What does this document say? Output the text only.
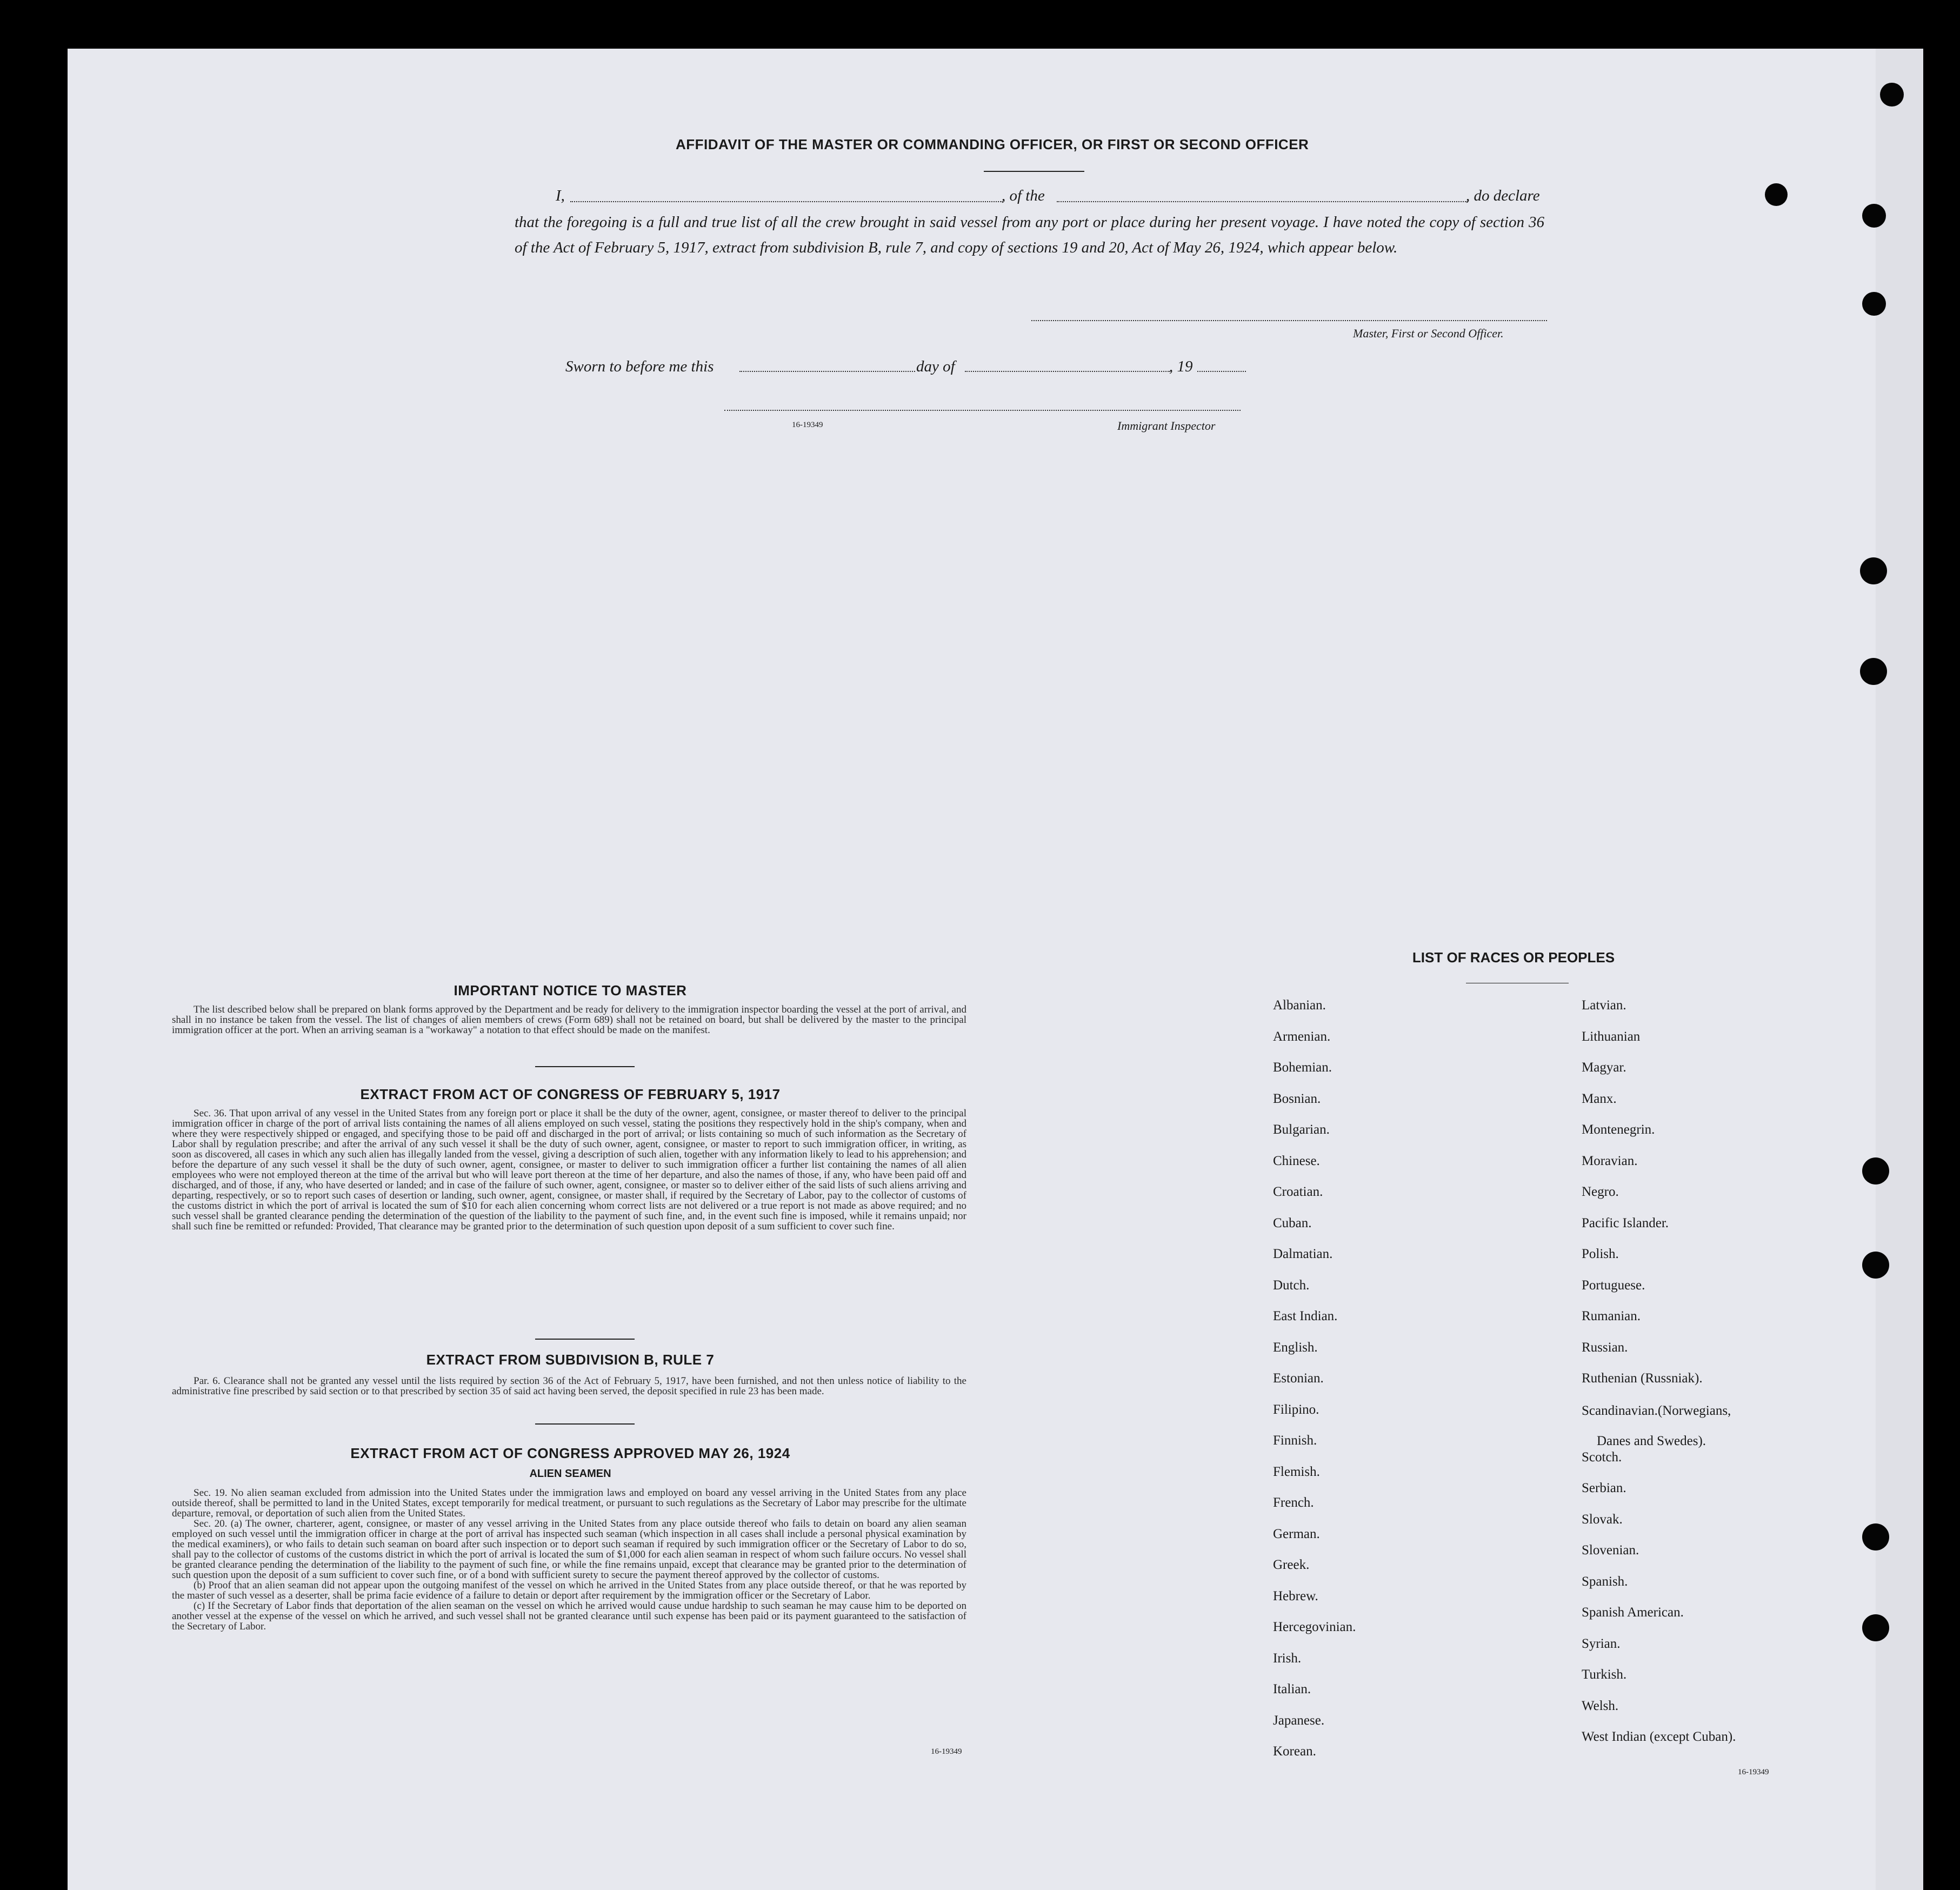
AFFIDAVIT OF THE MASTER OR COMMANDING OFFICER, OR FIRST OR SECOND OFFICER
I,	, of the	, do declare
that the foregoing is a full and true list of all the crew brought in said vessel from any port or place during her present voyage. I have noted the copy of section 36 of the Act of February 5, 1917, extract from subdivision B, rule 7, and copy of sections 19 and 20, Act of May 26, 1924, which appear below.
Master, First or Second Officer.
Sworn to before me this	day of	, 19
16-19349	Immigrant Inspector
IMPORTANT NOTICE TO MASTER
The list described below shall be prepared on blank forms approved by the Department and be ready for delivery to the immigration inspector boarding the vessel at the port of arrival, and shall in no instance be taken from the vessel. The list of changes of alien members of crews (Form 689) shall not be retained on board, but shall be delivered by the master to the principal immigration officer at the port. When an arriving seaman is a "workaway" a notation to that effect should be made on the manifest.
EXTRACT FROM ACT OF CONGRESS OF FEBRUARY 5, 1917
Sec. 36. That upon arrival of any vessel in the United States from any foreign port or place it shall be the duty of the owner, agent, consignee, or master thereof to deliver to the principal immigration officer in charge of the port of arrival lists containing the names of all aliens employed on such vessel, stating the positions they respectively hold in the ship's company, when and where they were respectively shipped or engaged, and specifying those to be paid off and discharged in the port of arrival; or lists containing so much of such information as the Secretary of Labor shall by regulation prescribe; and after the arrival of any such vessel it shall be the duty of such owner, agent, consignee, or master to report to such immigration officer, in writing, as soon as discovered, all cases in which any such alien has illegally landed from the vessel, giving a description of such alien, together with any information likely to lead to his apprehension; and before the departure of any such vessel it shall be the duty of such owner, agent, consignee, or master to deliver to such immigration officer a further list containing the names of all alien employees who were not employed thereon at the time of the arrival but who will leave port thereon at the time of her departure, and also the names of those, if any, who have been paid off and discharged, and of those, if any, who have deserted or landed; and in case of the failure of such owner, agent, consignee, or master so to deliver either of the said lists of such aliens arriving and departing, respectively, or so to report such cases of desertion or landing, such owner, agent, consignee, or master shall, if required by the Secretary of Labor, pay to the collector of customs of the customs district in which the port of arrival is located the sum of $10 for each alien concerning whom correct lists are not delivered or a true report is not made as above required; and no such vessel shall be granted clearance pending the determination of the question of the liability to the payment of such fine, and, in the event such fine is imposed, while it remains unpaid; nor shall such fine be remitted or refunded: Provided, That clearance may be granted prior to the determination of such question upon deposit of a sum sufficient to cover such fine.
EXTRACT FROM SUBDIVISION B, RULE 7
Par. 6. Clearance shall not be granted any vessel until the lists required by section 36 of the Act of February 5, 1917, have been furnished, and not then unless notice of liability to the administrative fine prescribed by said section or to that prescribed by section 35 of said act having been served, the deposit specified in rule 23 has been made.
EXTRACT FROM ACT OF CONGRESS APPROVED MAY 26, 1924
ALIEN SEAMEN

Sec. 19. No alien seaman excluded from admission into the United States under the immigration laws and employed on board any vessel arriving in the United States from any place outside thereof, shall be permitted to land in the United States, except temporarily for medical treatment, or pursuant to such regulations as the Secretary of Labor may prescribe for the ultimate departure, removal, or deportation of such alien from the United States.

Sec. 20. (a) The owner, charterer, agent, consignee, or master of any vessel arriving in the United States from any place outside thereof who fails to detain on board any alien seaman employed on such vessel until the immigration officer in charge at the port of arrival has inspected such seaman (which inspection in all cases shall include a personal physical examination by the medical examiners), or who fails to detain such seaman on board after such inspection or to deport such seaman if required by such immigration officer or the Secretary of Labor to do so, shall pay to the collector of customs of the customs district in which the port of arrival is located the sum of $1,000 for each alien seaman in respect of whom such failure occurs. No vessel shall be granted clearance pending the determination of the liability to the payment of such fine, or while the fine remains unpaid, except that clearance may be granted prior to the determination of such question upon the deposit of a sum sufficient to cover such fine, or of a bond with sufficient surety to secure the payment thereof approved by the collector of customs.

(b) Proof that an alien seaman did not appear upon the outgoing manifest of the vessel on which he arrived in the United States from any place outside thereof, or that he was reported by the master of such vessel as a deserter, shall be prima facie evidence of a failure to detain or deport after requirement by the immigration officer or the Secretary of Labor.

(c) If the Secretary of Labor finds that deportation of the alien seaman on the vessel on which he arrived would cause undue hardship to such seaman he may cause him to be deported on another vessel at the expense of the vessel on which he arrived, and such vessel shall not be granted clearance until such expense has been paid or its payment guaranteed to the satisfaction of the Secretary of Labor.

16-19349
LIST OF RACES OR PEOPLES
Albanian.
Armenian.
Bohemian.
Bosnian.
Bulgarian.
Chinese.
Croatian.
Cuban.
Dalmatian.
Dutch.
East Indian.
English.
Estonian.
Filipino.
Finnish.
Flemish.
French.
German.
Greek.
Hebrew.
Hercegovinian.
Irish.
Italian.
Japanese.
Korean.
Latvian.
Lithuanian
Magyar.
Manx.
Montenegrin.
Moravian.
Negro.
Pacific Islander.
Polish.
Portuguese.
Rumanian.
Russian.
Ruthenian (Russniak).
Scandinavian.(Norwegians,
Danes and Swedes).
Scotch.
Serbian.
Slovak.
Slovenian.
Spanish.
Spanish American.
Syrian.
Turkish.
Welsh.
West Indian (except Cuban).
16-19349
